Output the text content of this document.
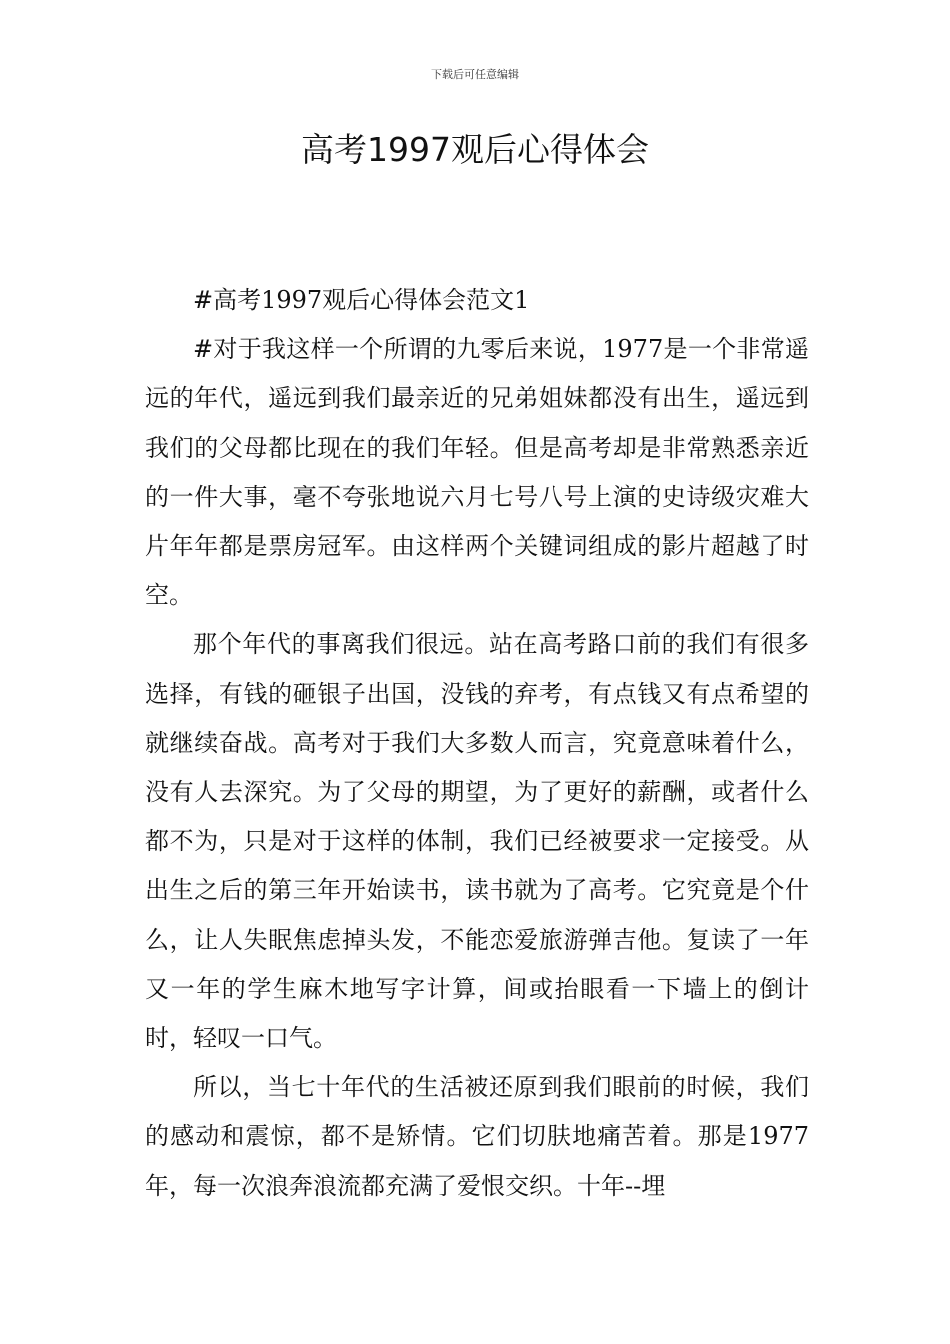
下载后可任意编辑
高考1997观后心得体会

#高考1997观后心得体会范文1

#对于我这样一个所谓的九零后来说，1977是一个非常遥远的年代，遥远到我们最亲近的兄弟姐妹都没有出生，遥远到我们的父母都比现在的我们年轻。但是高考却是非常熟悉亲近的一件大事，毫不夸张地说六月七号八号上演的史诗级灾难大片年年都是票房冠军。由这样两个关键词组成的影片超越了时空。

那个年代的事离我们很远。站在高考路口前的我们有很多选择，有钱的砸银子出国，没钱的弃考，有点钱又有点希望的就继续奋战。高考对于我们大多数人而言，究竟意味着什么，没有人去深究。为了父母的期望，为了更好的薪酬，或者什么都不为，只是对于这样的体制，我们已经被要求一定接受。从出生之后的第三年开始读书，读书就为了高考。它究竟是个什么，让人失眠焦虑掉头发，不能恋爱旅游弹吉他。复读了一年又一年的学生麻木地写字计算，间或抬眼看一下墙上的倒计时，轻叹一口气。

所以，当七十年代的生活被还原到我们眼前的时候，我们的感动和震惊，都不是矫情。它们切肤地痛苦着。那是1977年，每一次浪奔浪流都充满了爱恨交织。十年--埋
